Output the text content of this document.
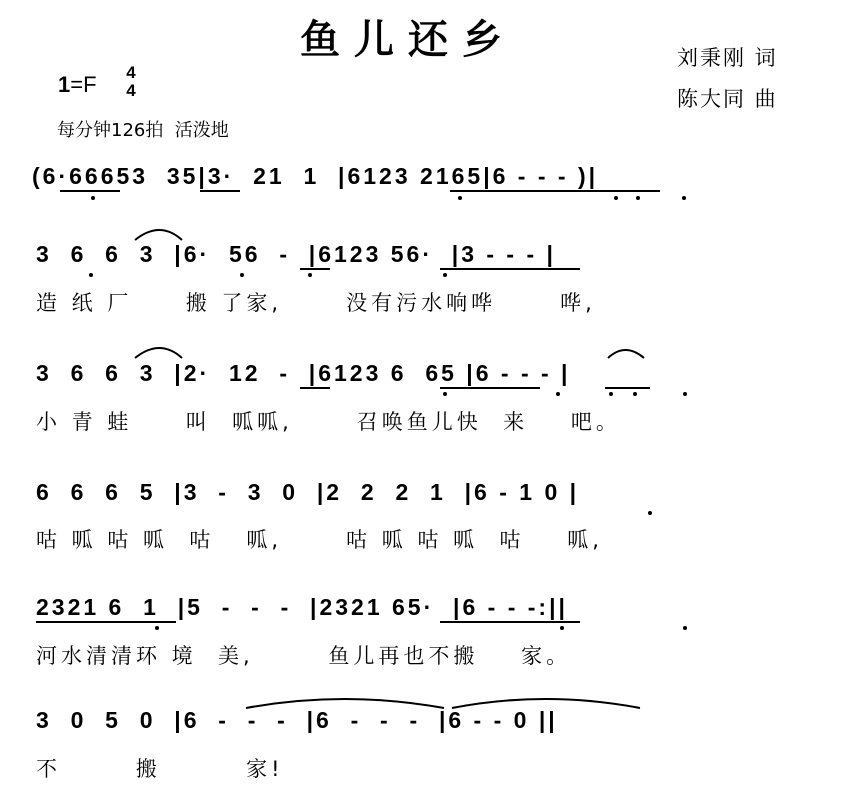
鱼儿还乡	刘秉刚 词
陈大同 曲
1=F 4
4
每分钟126拍  活泼地
(6·66653  35|3·  21  1  |6123 2165|6 - - - )|
3  6  6  3  |6·  56  -  |6123 56·  |3 - - - |
造 纸 厂     搬 了家,      没有污水响哗      哗,
3  6  6  3  |2·  12  -  |6123 6  65 |6 - - - |
小 青 蛙     叫  呱呱,      召唤鱼儿快  来    吧。
6  6  6  5  |3  -  3  0  |2  2  2  1  |6 - 1 0 |
咕 呱 咕 呱  咕   呱,      咕 呱 咕 呱  咕    呱,
2321 6  1  |5  -  -  -  |2321 65·  |6 - - -:||
河水清清环 境  美,       鱼儿再也不搬    家。
3  0  5  0  |6  -  -  -  |6  -  -  -  |6 - - 0 ||
不       搬        家!
